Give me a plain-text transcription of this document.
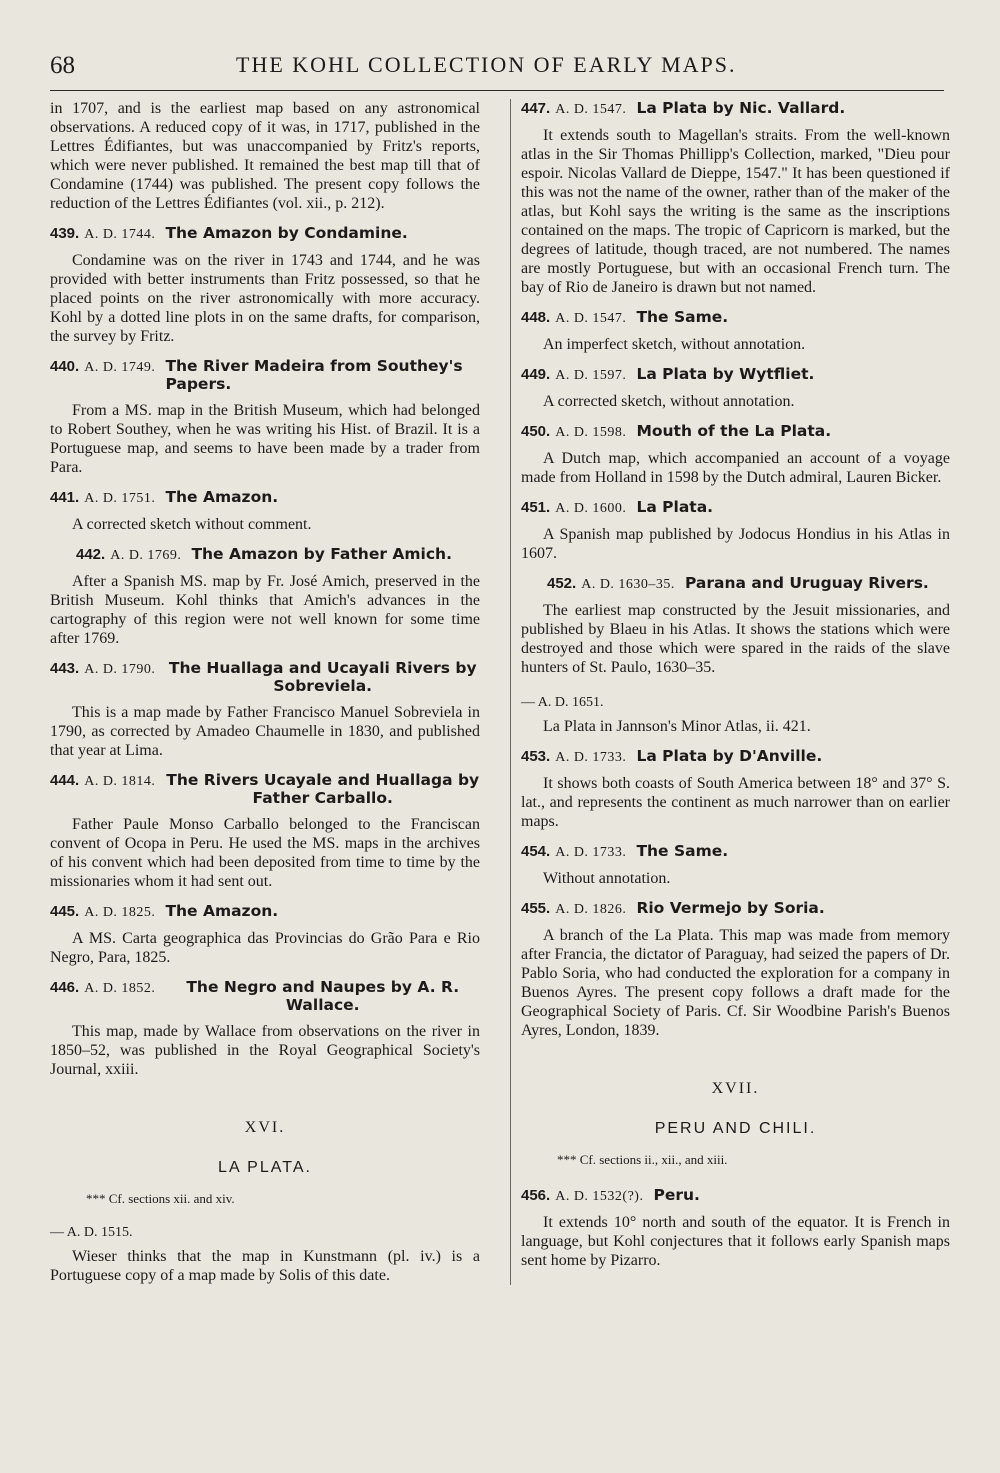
68	THE KOHL COLLECTION OF EARLY MAPS.

in 1707, and is the earliest map based on any astronomical observations. A reduced copy of it was, in 1717, published in the Lettres Édifiantes, but was unaccompanied by Fritz's reports, which were never published. It remained the best map till that of Condamine (1744) was published. The present copy follows the reduction of the Lettres Édifiantes (vol. xii., p. 212).

439. A. D. 1744. The Amazon by Condamine.

Condamine was on the river in 1743 and 1744, and he was provided with better instruments than Fritz possessed, so that he placed points on the river astronomically with more accuracy. Kohl by a dotted line plots in on the same drafts, for comparison, the survey by Fritz.

440. A. D. 1749. The River Madeira from Southey's Papers.

From a MS. map in the British Museum, which had belonged to Robert Southey, when he was writing his Hist. of Brazil. It is a Portuguese map, and seems to have been made by a trader from Para.

441. A. D. 1751. The Amazon.

A corrected sketch without comment.

442. A. D. 1769. The Amazon by Father Amich.

After a Spanish MS. map by Fr. José Amich, preserved in the British Museum. Kohl thinks that Amich's advances in the cartography of this region were not well known for some time after 1769.

443. A. D. 1790. The Huallaga and Ucayali Rivers by Sobreviela.

This is a map made by Father Francisco Manuel Sobreviela in 1790, as corrected by Amadeo Chaumelle in 1830, and published that year at Lima.

444. A. D. 1814. The Rivers Ucayale and Huallaga by Father Carballo.

Father Paule Monso Carballo belonged to the Franciscan convent of Ocopa in Peru. He used the MS. maps in the archives of his convent which had been deposited from time to time by the missionaries whom it had sent out.

445. A. D. 1825. The Amazon.

A MS. Carta geographica das Provincias do Grão Para e Rio Negro, Para, 1825.

446. A. D. 1852.	The Negro and Naupes by A. R. Wallace.

This map, made by Wallace from observations on the river in 1850–52, was published in the Royal Geographical Society's Journal, xxiii.

XVI.
LA PLATA.
*** Cf. sections xii. and xiv.
— A. D. 1515.

Wieser thinks that the map in Kunstmann (pl. iv.) is a Portuguese copy of a map made by Solis of this date.

447. A. D. 1547. La Plata by Nic. Vallard.

It extends south to Magellan's straits. From the well-known atlas in the Sir Thomas Phillipp's Collection, marked, "Dieu pour espoir. Nicolas Vallard de Dieppe, 1547." It has been questioned if this was not the name of the owner, rather than of the maker of the atlas, but Kohl says the writing is the same as the inscriptions contained on the maps. The tropic of Capricorn is marked, but the degrees of latitude, though traced, are not numbered. The names are mostly Portuguese, but with an occasional French turn. The bay of Rio de Janeiro is drawn but not named.

448. A. D. 1547. The Same.

An imperfect sketch, without annotation.

449. A. D. 1597. La Plata by Wytfliet.

A corrected sketch, without annotation.

450. A. D. 1598. Mouth of the La Plata.

A Dutch map, which accompanied an account of a voyage made from Holland in 1598 by the Dutch admiral, Lauren Bicker.

451. A. D. 1600. La Plata.

A Spanish map published by Jodocus Hondius in his Atlas in 1607.

452. A. D. 1630–35. Parana and Uruguay Rivers.

The earliest map constructed by the Jesuit missionaries, and published by Blaeu in his Atlas. It shows the stations which were destroyed and those which were spared in the raids of the slave hunters of St. Paulo, 1630–35.

— A. D. 1651.

La Plata in Jannson's Minor Atlas, ii. 421.

453. A. D. 1733. La Plata by D'Anville.

It shows both coasts of South America between 18° and 37° S. lat., and represents the continent as much narrower than on earlier maps.

454. A. D. 1733. The Same.

Without annotation.

455. A. D. 1826. Rio Vermejo by Soria.

A branch of the La Plata. This map was made from memory after Francia, the dictator of Paraguay, had seized the papers of Dr. Pablo Soria, who had conducted the exploration for a company in Buenos Ayres. The present copy follows a draft made for the Geographical Society of Paris. Cf. Sir Woodbine Parish's Buenos Ayres, London, 1839.

XVII.
PERU AND CHILI.
*** Cf. sections ii., xii., and xiii.
456. A. D. 1532(?). Peru.

It extends 10° north and south of the equator. It is French in language, but Kohl conjectures that it follows early Spanish maps sent home by Pizarro.
